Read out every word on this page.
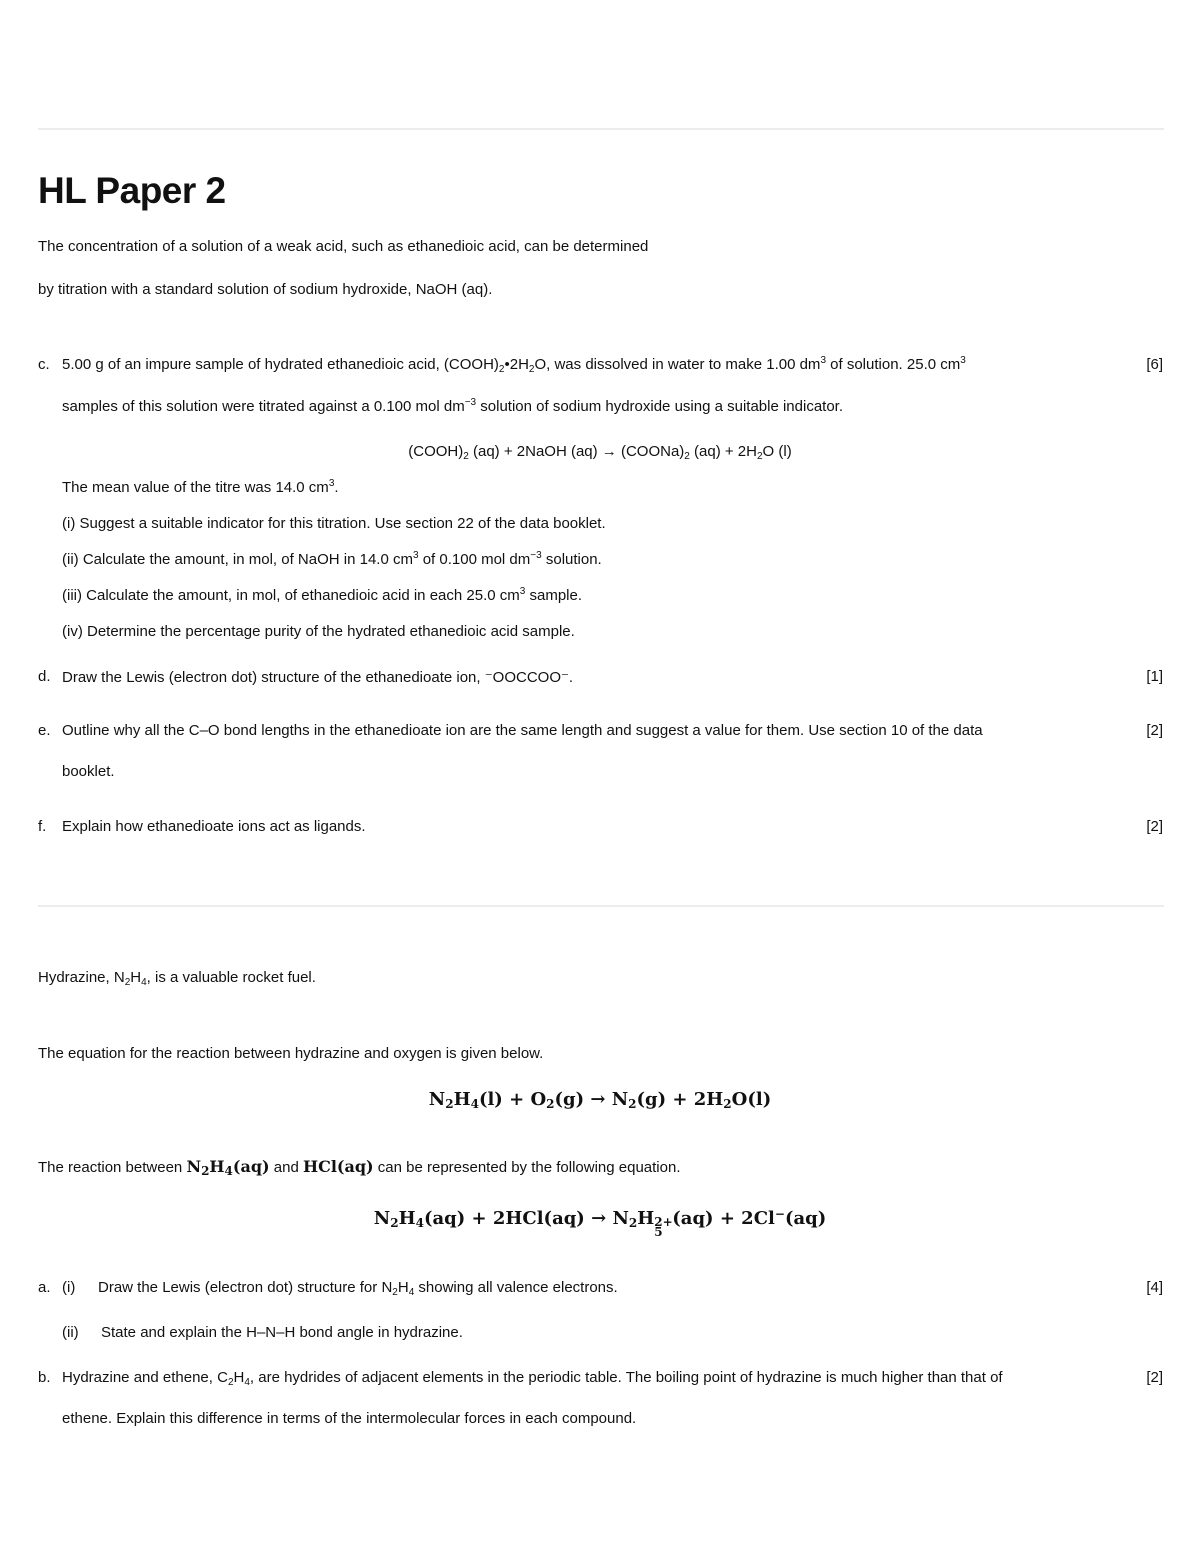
HL Paper 2
The concentration of a solution of a weak acid, such as ethanedioic acid, can be determined
by titration with a standard solution of sodium hydroxide, NaOH (aq).
c. 5.00 g of an impure sample of hydrated ethanedioic acid, $(COOH)_2•2H_2O$, was dissolved in water to make 1.00 $dm^3$ of solution. 25.0 $cm^3$	[6]
samples of this solution were titrated against a 0.100 mol $dm^{-3}$ solution of sodium hydroxide using a suitable indicator.
$(COOH)_2$ (aq) + 2NaOH $(aq) \to (COONa)_2$ $(aq) + 2H_2O$ (l)
The mean value of the titre was 14.0 $cm^3$.
(i) Suggest a suitable indicator for this titration. Use section 22 of the data booklet.
(ii) Calculate the amount, in mol, of NaOH in 14.0 $cm^3$ of 0.100 mol $dm^{-3}$ solution.
(iii) Calculate the amount, in mol, of ethanedioic acid in each 25.0 $cm^3$ sample.
(iv) Determine the percentage purity of the hydrated ethanedioic acid sample.
d. Draw the Lewis (electron dot) structure of the ethanedioate ion, ⁻OOCCOO⁻.	[1]
e. Outline why all the C–O bond lengths in the ethanedioate ion are the same length and suggest a value for them. Use section 10 of the data	[2]
booklet.
f. Explain how ethanedioate ions act as ligands.	[2]
Hydrazine, $N_2H_4$, is a valuable rocket fuel.
The equation for the reaction between hydrazine and oxygen is given below.
$N_2H_4(l) + O_2(g) \to N_2(g) + 2H_2O(l)$
The reaction between $N_2H_4(aq)$ and HCl(aq) can be represented by the following equation.
$N_2H_4(aq) + 2HCl(aq) \to N_2H$ 2+
5
(aq) + 2Cl−(aq)
a. (i) Draw the Lewis (electron dot) structure for $N_2H_4$ showing all valence electrons.	[4]
(ii) State and explain the H–N–H bond angle in hydrazine.
b. Hydrazine and ethene, $C_2H_4$, are hydrides of adjacent elements in the periodic table. The boiling point of hydrazine is much higher than that of	[2]
ethene. Explain this difference in terms of the intermolecular forces in each compound.
